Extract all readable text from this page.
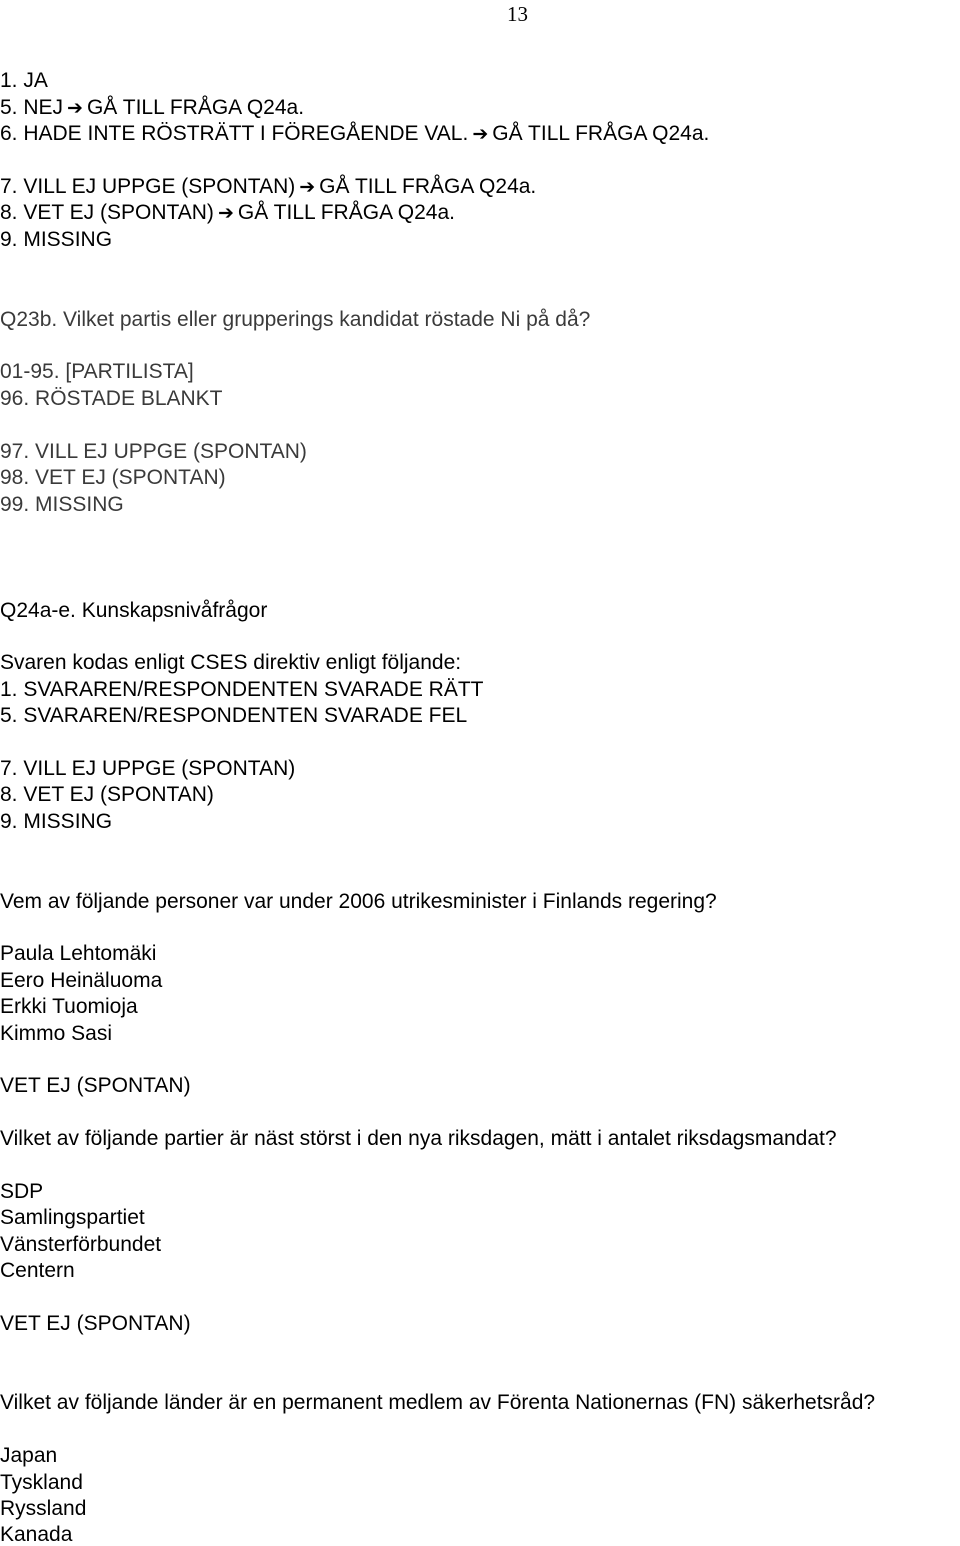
13
1. JA
5. NEJ ➔ GÅ TILL FRÅGA Q24a.
6. HADE INTE RÖSTRÄTT I FÖREGÅENDE VAL. ➔ GÅ TILL FRÅGA Q24a.
7. VILL EJ UPPGE (SPONTAN) ➔ GÅ TILL FRÅGA Q24a.
8. VET EJ (SPONTAN) ➔ GÅ TILL FRÅGA Q24a.
9. MISSING
Q23b. Vilket partis eller grupperings kandidat röstade Ni på då?
01-95. [PARTILISTA]
96. RÖSTADE BLANKT
97. VILL EJ UPPGE (SPONTAN)
98. VET EJ (SPONTAN)
99. MISSING
Q24a-e. Kunskapsnivåfrågor
Svaren kodas enligt CSES direktiv enligt följande:
1. SVARAREN/RESPONDENTEN SVARADE RÄTT
5. SVARAREN/RESPONDENTEN SVARADE FEL
7. VILL EJ UPPGE (SPONTAN)
8. VET EJ (SPONTAN)
9. MISSING
Vem av följande personer var under 2006 utrikesminister i Finlands regering?
Paula Lehtomäki
Eero Heinäluoma
Erkki Tuomioja
Kimmo Sasi
VET EJ (SPONTAN)
Vilket av följande partier är näst störst i den nya riksdagen, mätt i antalet riksdagsmandat?
SDP
Samlingspartiet
Vänsterförbundet
Centern
VET EJ (SPONTAN)
Vilket av följande länder är en permanent medlem av Förenta Nationernas (FN) säkerhetsråd?
Japan
Tyskland
Ryssland
Kanada
